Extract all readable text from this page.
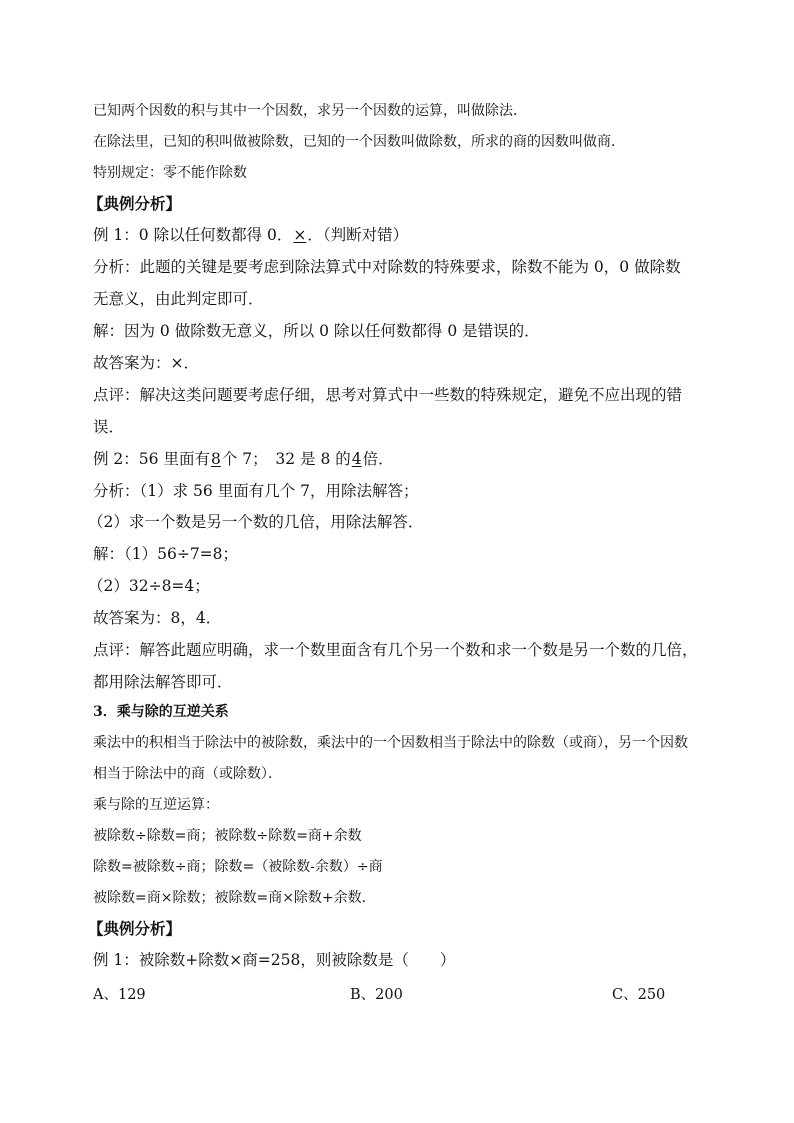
已知两个因数的积与其中一个因数，求另一个因数的运算，叫做除法．
在除法里，已知的积叫做被除数，已知的一个因数叫做除数，所求的商的因数叫做商．
特别规定：零不能作除数
【典例分析】
例 1：0 除以任何数都得 0．×．（判断对错）
分析：此题的关键是要考虑到除法算式中对除数的特殊要求，除数不能为 0，0 做除数
无意义，由此判定即可．
解：因为 0 做除数无意义，所以 0 除以任何数都得 0 是错误的．
故答案为：×．
点评：解决这类问题要考虑仔细，思考对算式中一些数的特殊规定，避免不应出现的错
误．
例 2：56 里面有8个 7；　32 是 8 的4倍．
分析：（1）求 56 里面有几个 7，用除法解答；
（2）求一个数是另一个数的几倍，用除法解答．
解：（1）56÷7=8；
（2）32÷8=4；
故答案为：8，4．
点评：解答此题应明确，求一个数里面含有几个另一个数和求一个数是另一个数的几倍，
都用除法解答即可．
3．乘与除的互逆关系
乘法中的积相当于除法中的被除数，乘法中的一个因数相当于除法中的除数（或商），另一个因数
相当于除法中的商（或除数）．
乘与除的互逆运算：
被除数÷除数=商；被除数÷除数=商+余数
除数=被除数÷商；除数=（被除数-余数）÷商
被除数=商×除数；被除数=商×除数+余数．
【典例分析】
例 1：被除数+除数×商=258，则被除数是（　　）
A、129	B、200	C、250
